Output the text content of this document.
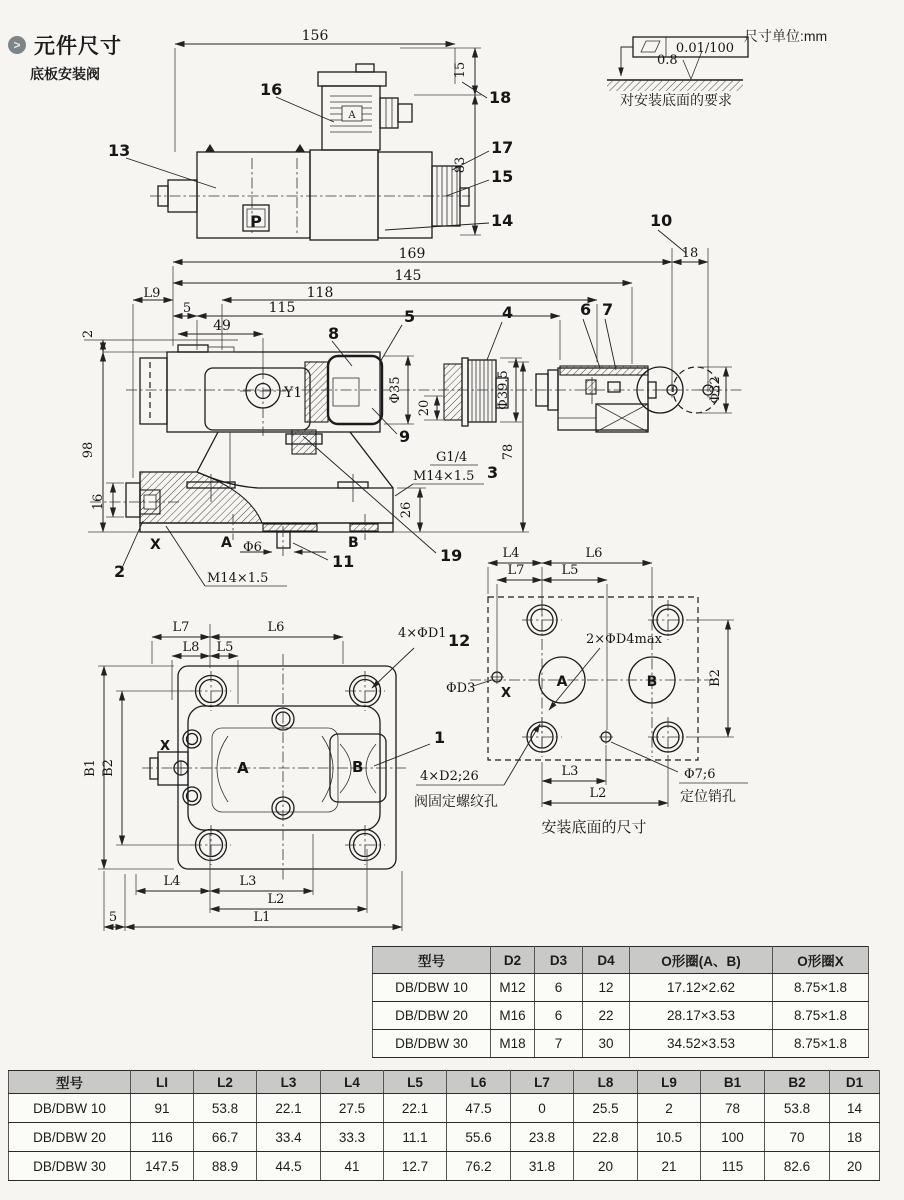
> 元件尺寸
底板安装阀
尺寸单位:mm
0.01/100
0.8
对安装底面的要求
156
15
83
16
13
18
17
15
14
P
A
169	18
10
145
118
L9
5	115
49	8
5	4	6 7
Y1	Φ35
20	Φ39.5	Φ32
9
2
98
16
X
2	M14×1.5
A Φ6
11
B
19
G1/4
M14×1.5 3
26
78
L7	L6
L8 L5
4×ΦD1 12
1
B1 B2
X
A	B
L4	L3
L2
L1
5
L4	L6
L7	L5
2×ΦD4max
B2
ΦD3 X
A	B
Φ7;6
定位销孔
4×D2;26
阀固定螺纹孔
L3
L2
安装底面的尺寸
型号	D2	D3	D4	O形圈(A、B)	O形圈X
DB/DBW 10	M12	6	12	17.12×2.62	8.75×1.8
DB/DBW 20	M16	6	22	28.17×3.53	8.75×1.8
DB/DBW 30	M18	7	30	34.52×3.53	8.75×1.8
型号	LI	L2	L3	L4	L5	L6	L7	L8	L9	B1	B2	D1
DB/DBW 10	91	53.8	22.1	27.5	22.1	47.5	0	25.5	2	78	53.8	14
DB/DBW 20	116	66.7	33.4	33.3	11.1	55.6	23.8	22.8	10.5	100	70	18
DB/DBW 30	147.5	88.9	44.5	41	12.7	76.2	31.8	20	21	115	82.6	20
